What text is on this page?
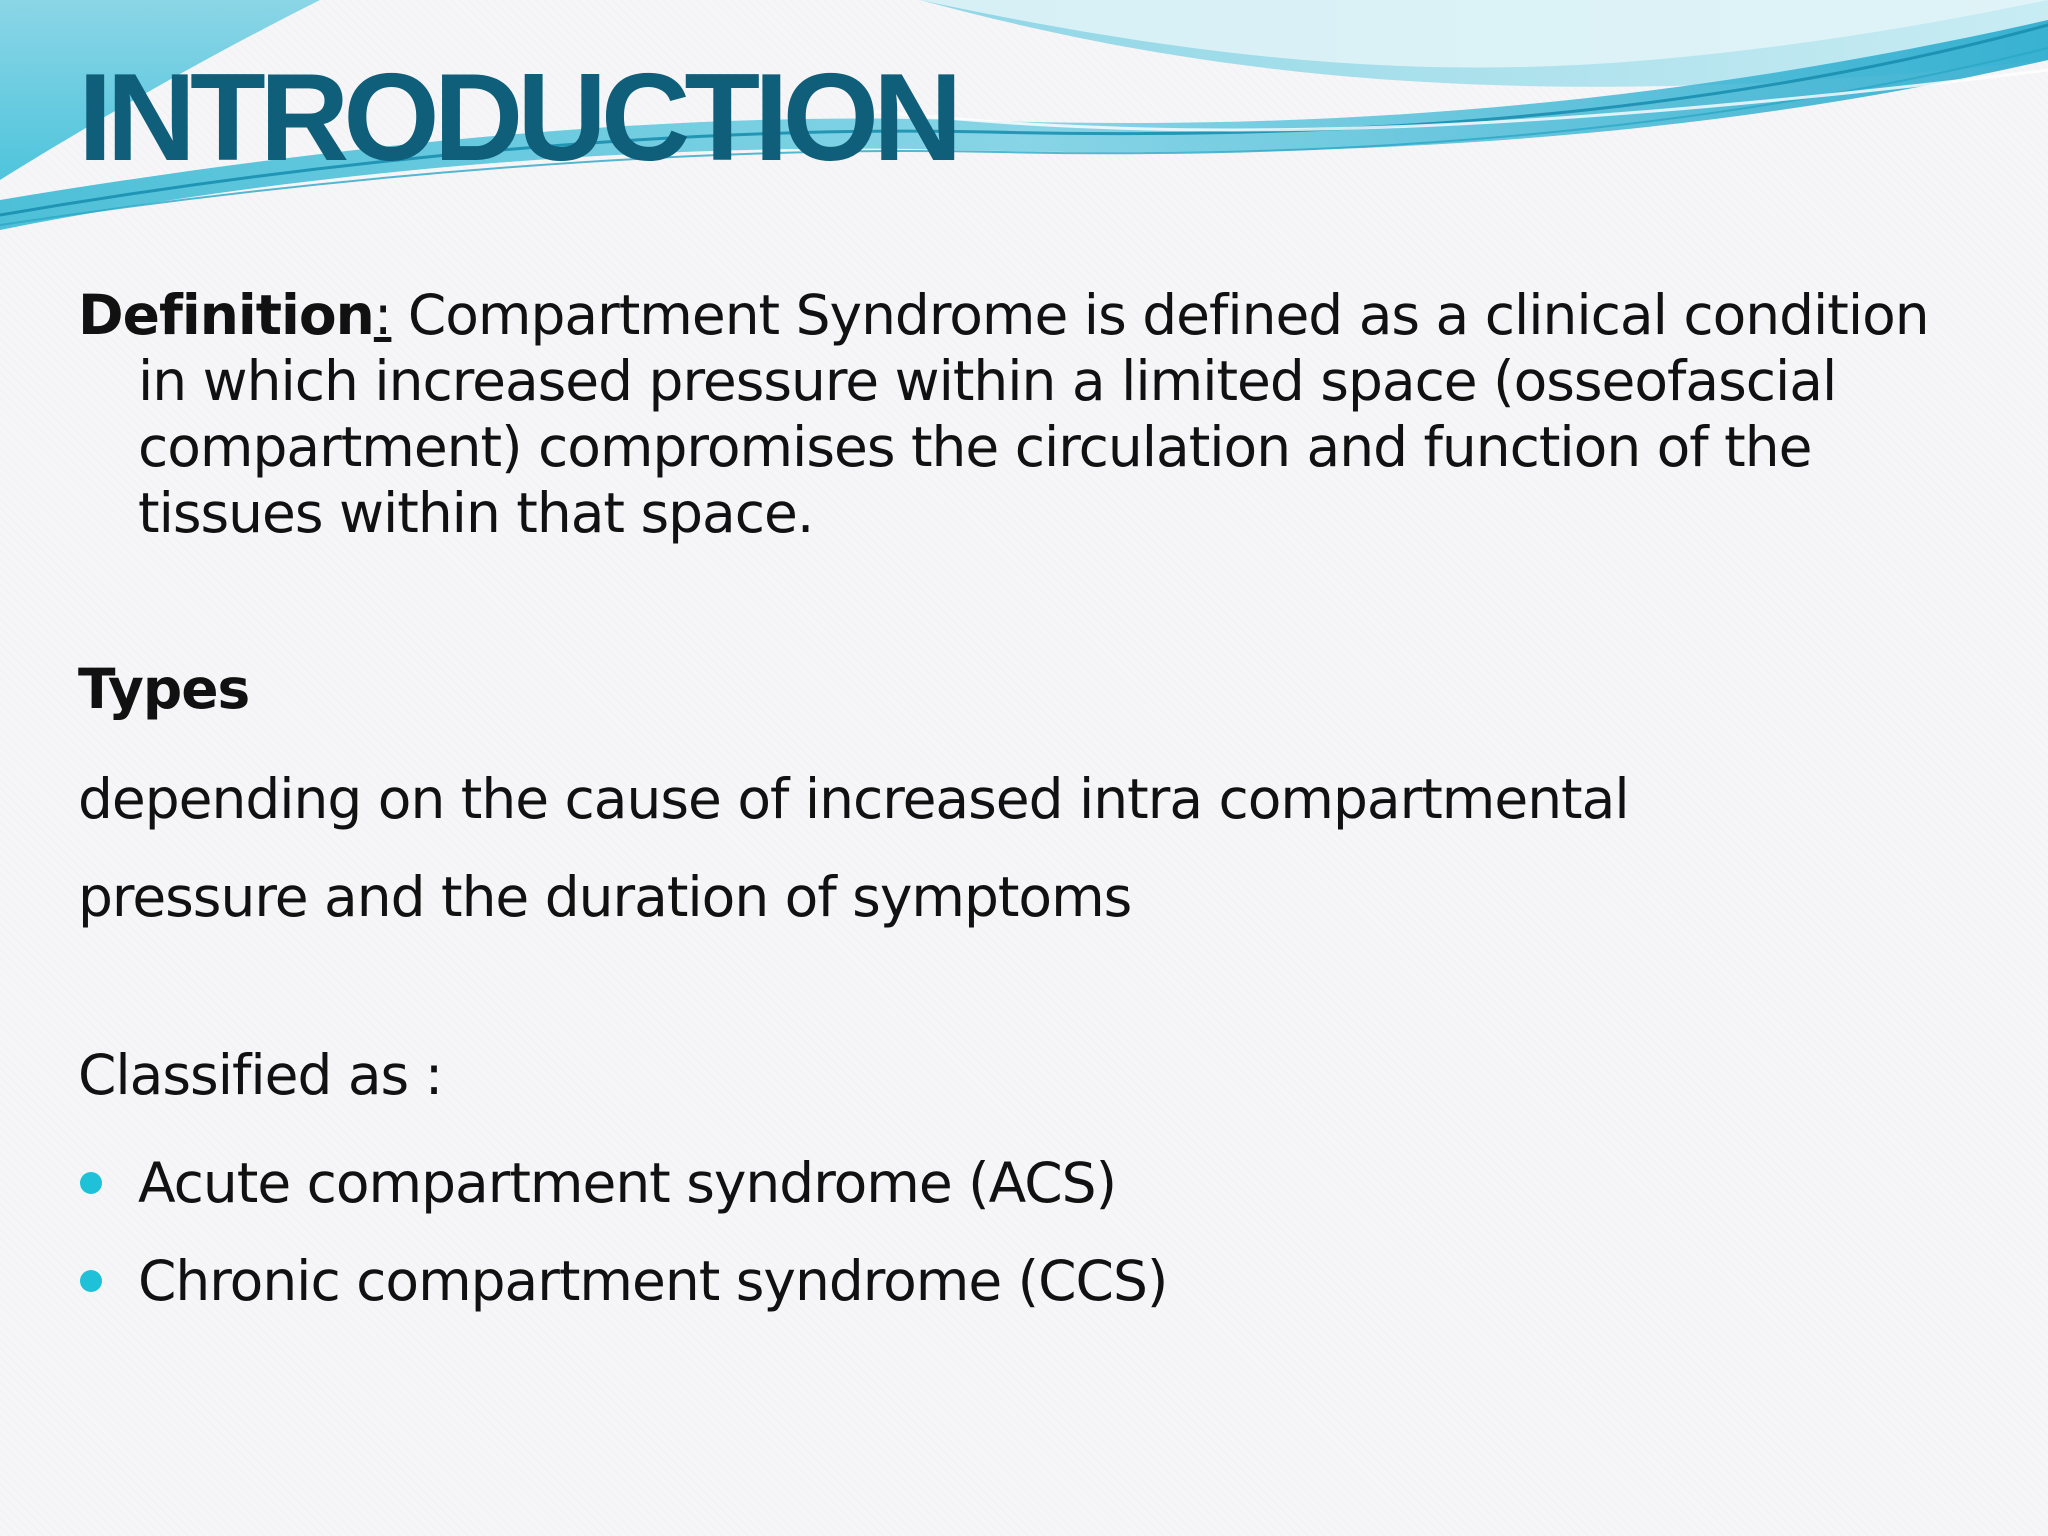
INTRODUCTION

Definition: Compartment Syndrome is defined as a clinical condition in which increased pressure within a limited space (osseofascial compartment) compromises the circulation and function of the tissues within that space.

Types

depending on the cause of increased intra compartmental
pressure and the duration of symptoms

Classified as :

Acute compartment syndrome (ACS)
Chronic compartment syndrome (CCS)
